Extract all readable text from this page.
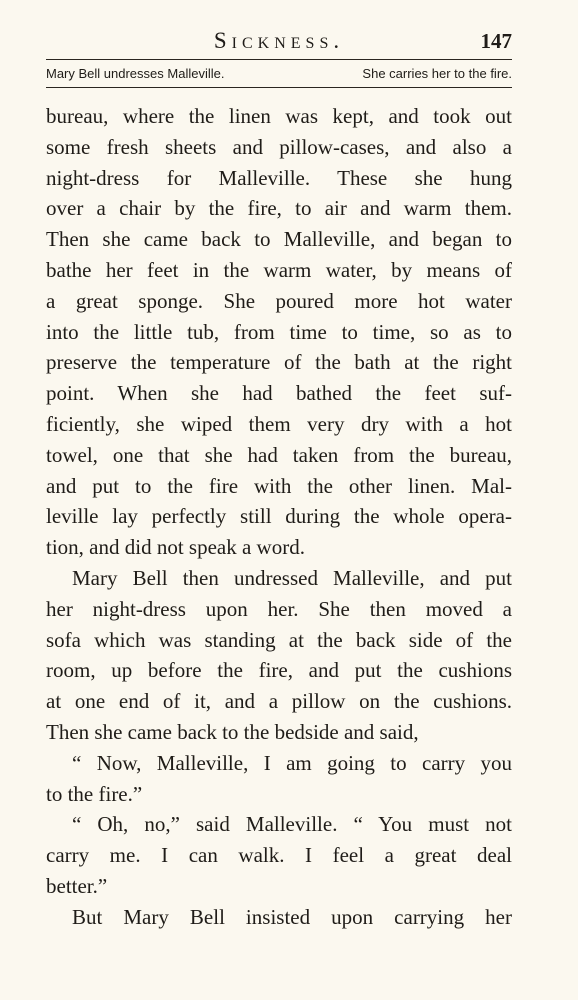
Sickness.	147
Mary Bell undresses Malleville.	She carries her to the fire.
bureau, where the linen was kept, and took out
some fresh sheets and pillow-cases, and also a
night-dress for Malleville. These she hung
over a chair by the fire, to air and warm them.
Then she came back to Malleville, and began to
bathe her feet in the warm water, by means of
a great sponge. She poured more hot water
into the little tub, from time to time, so as to
preserve the temperature of the bath at the right
point. When she had bathed the feet suf-
ficiently, she wiped them very dry with a hot
towel, one that she had taken from the bureau,
and put to the fire with the other linen. Mal-
leville lay perfectly still during the whole opera-
tion, and did not speak a word.
Mary Bell then undressed Malleville, and put
her night-dress upon her. She then moved a
sofa which was standing at the back side of the
room, up before the fire, and put the cushions
at one end of it, and a pillow on the cushions.
Then she came back to the bedside and said,
“ Now, Malleville, I am going to carry you
to the fire.”
“ Oh, no,” said Malleville. “ You must not
carry me. I can walk. I feel a great deal
better.”
But Mary Bell insisted upon carrying her
